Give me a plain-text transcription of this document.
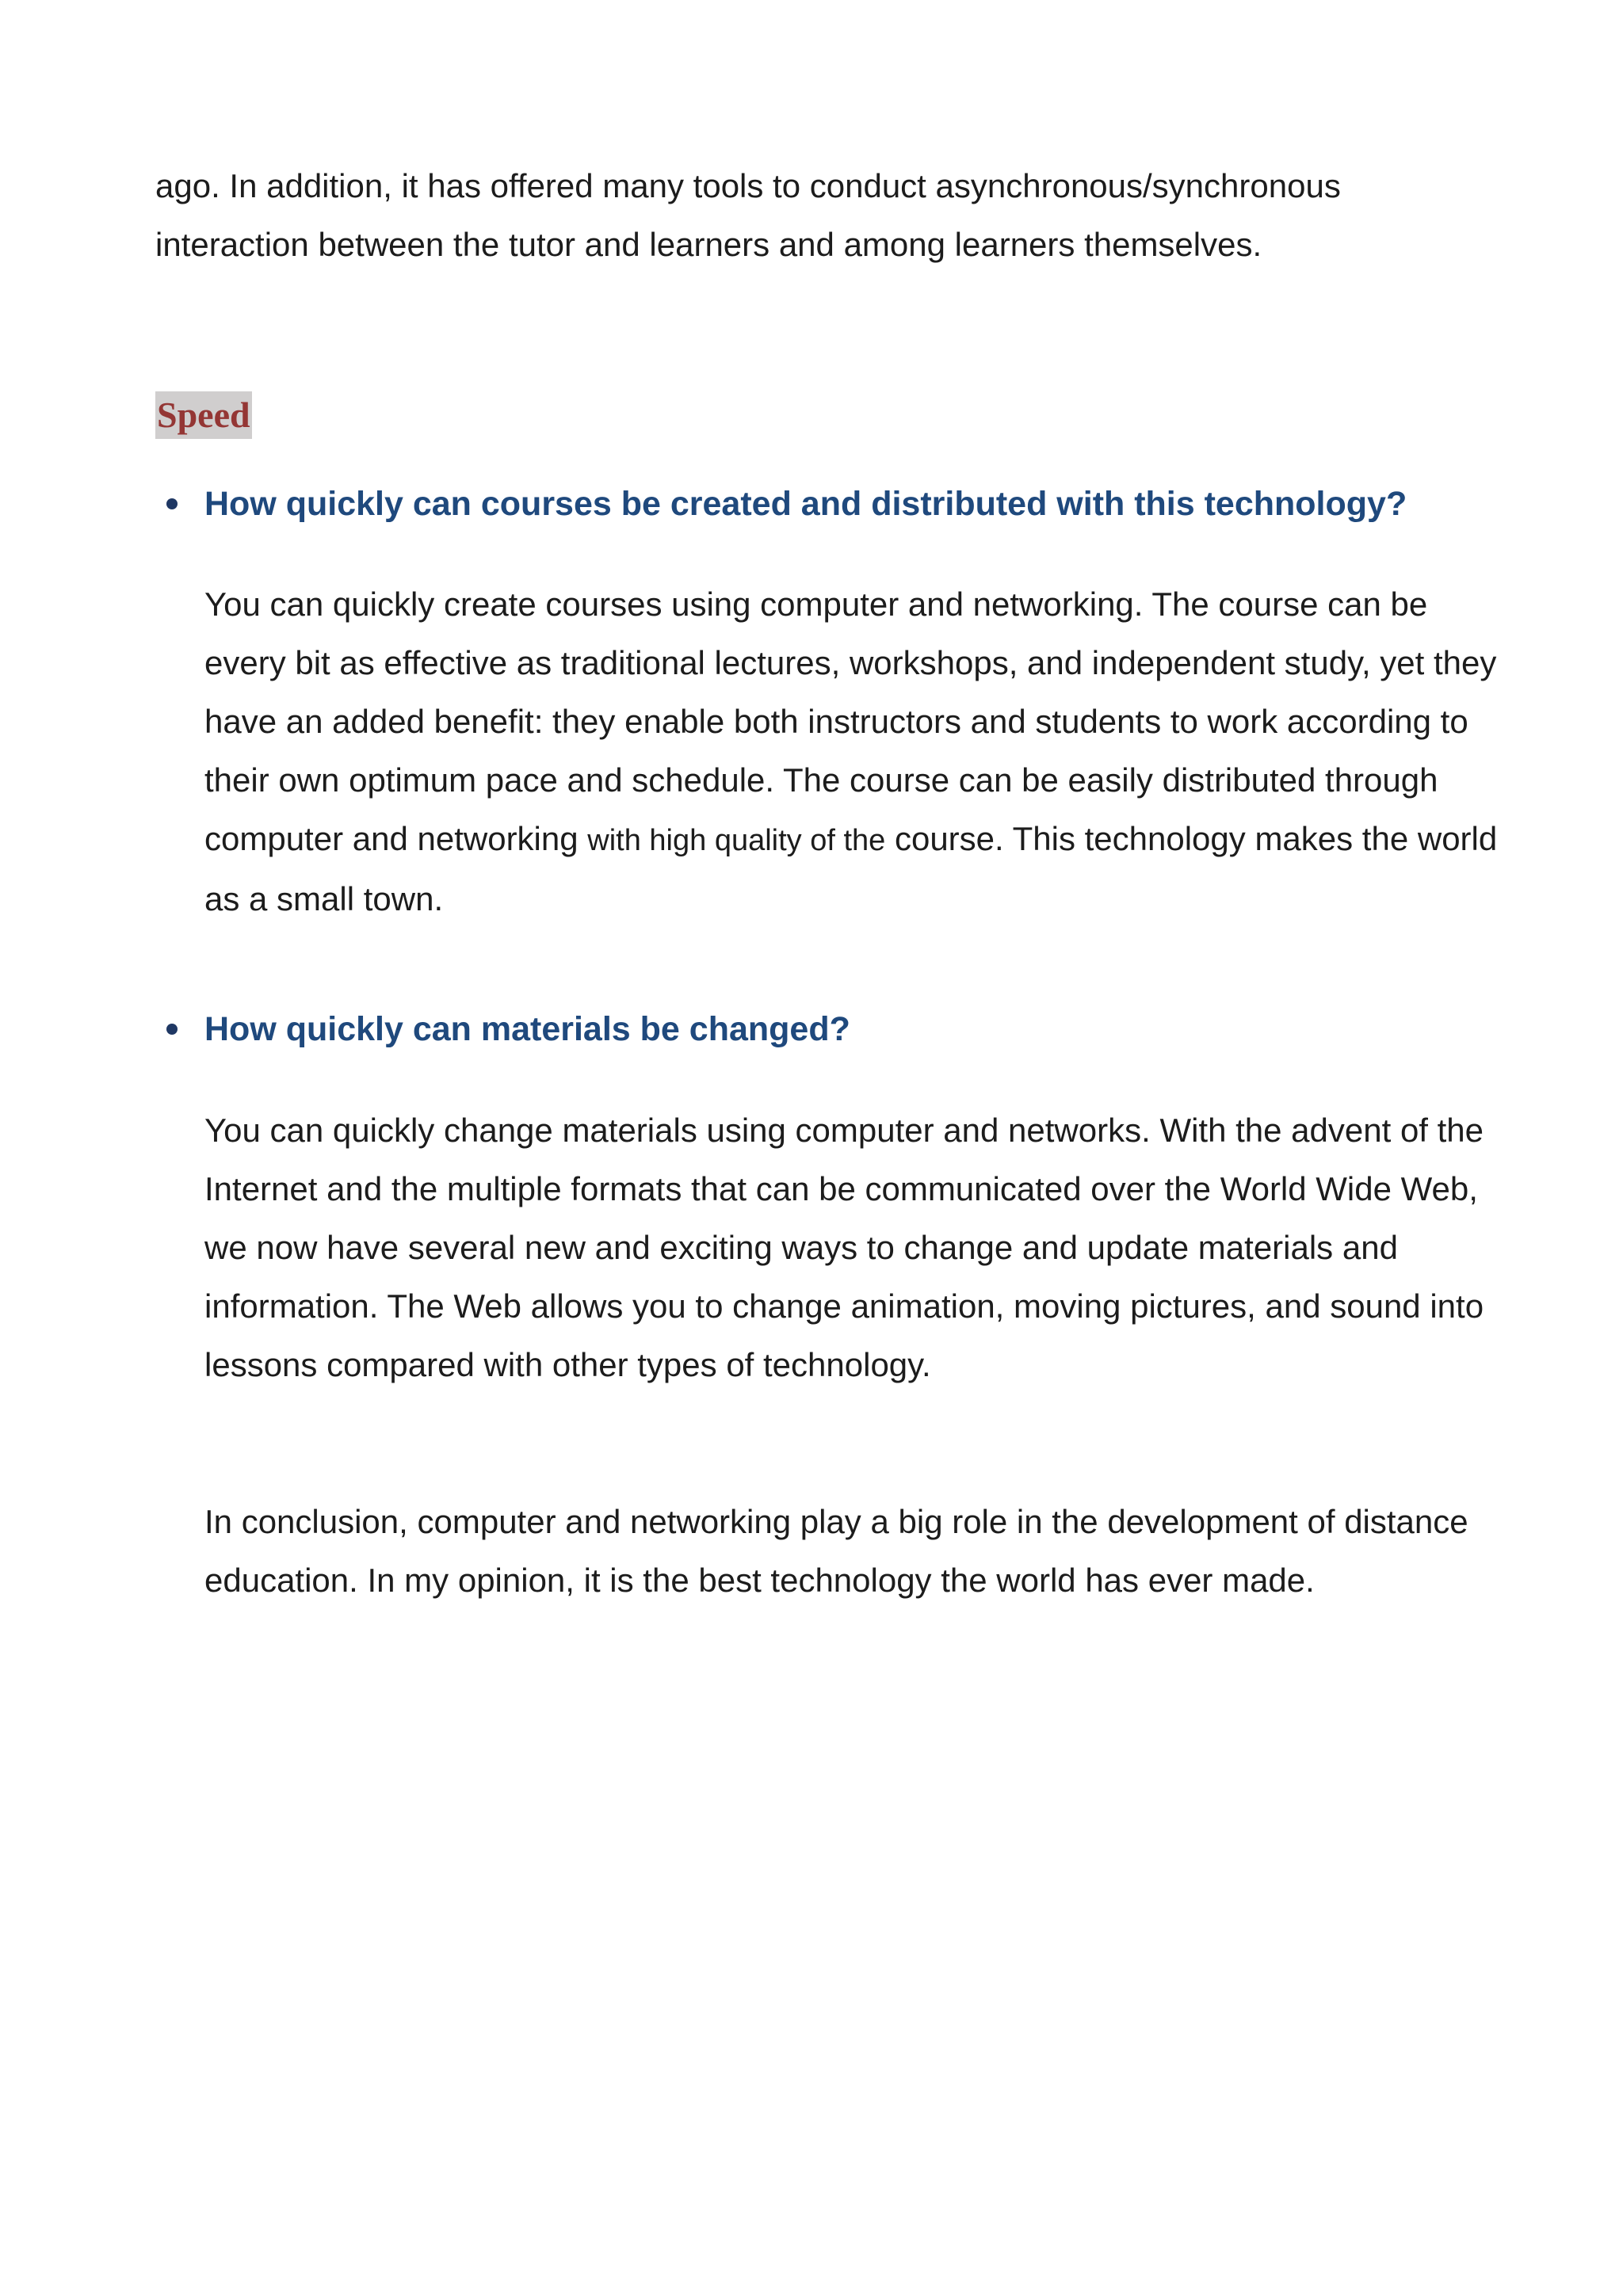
ago. In addition, it has offered many tools to conduct asynchronous/synchronous interaction between the tutor and learners and among learners themselves.

Speed
How quickly can courses be created and distributed with this technology?

You can quickly create courses using computer and networking. The course can be every bit as effective as traditional lectures, workshops, and independent study, yet they have an added benefit: they enable both instructors and students to work according to their own optimum pace and schedule. The course can be easily distributed through computer and networking with high quality of the course. This technology makes the world as a small town.

How quickly can materials be changed?

You can quickly change materials using computer and networks. With the advent of the Internet and the multiple formats that can be communicated over the World Wide Web, we now have several new and exciting ways to change and update materials and information. The Web allows you to change animation, moving pictures, and sound into lessons compared with other types of technology.

In conclusion, computer and networking play a big role in the development of distance education. In my opinion, it is the best technology the world has ever made.
